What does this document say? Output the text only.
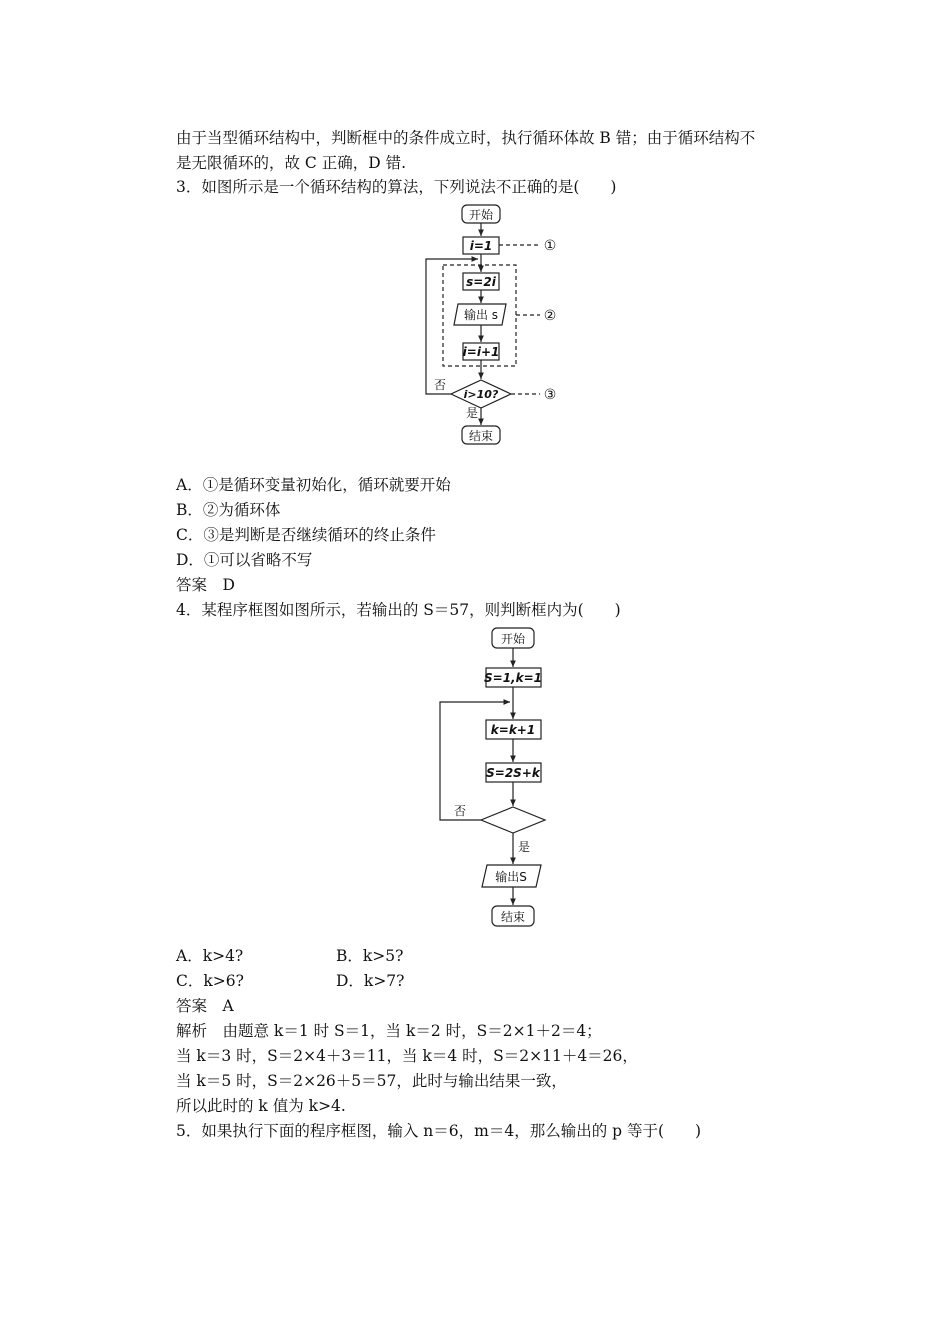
由于当型循环结构中，判断框中的条件成立时，执行循环体故 B 错；由于循环结构不
是无限循环的，故 C 正确，D 错.
3．如图所示是一个循环结构的算法，下列说法不正确的是(　　)
开始
i=1
s=2i
输出 s
i=i+1
i>10?
否
是
结束
①
②
③
A．①是循环变量初始化，循环就要开始
B．②为循环体
C．③是判断是否继续循环的终止条件
D．①可以省略不写
答案　D
4．某程序框图如图所示，若输出的 S＝57，则判断框内为(　　)
开始
S=1,k=1
k=k+1
S=2S+k
否
是
输出S
结束
A．k>4?	B．k>5?
C．k>6?	D．k>7?
答案　A
解析　由题意 k＝1 时 S＝1，当 k＝2 时，S＝2×1＋2＝4；
当 k＝3 时，S＝2×4＋3＝11，当 k＝4 时，S＝2×11＋4＝26，
当 k＝5 时，S＝2×26＋5＝57，此时与输出结果一致，
所以此时的 k 值为 k>4.
5．如果执行下面的程序框图，输入 n＝6，m＝4，那么输出的 p 等于(　　)
